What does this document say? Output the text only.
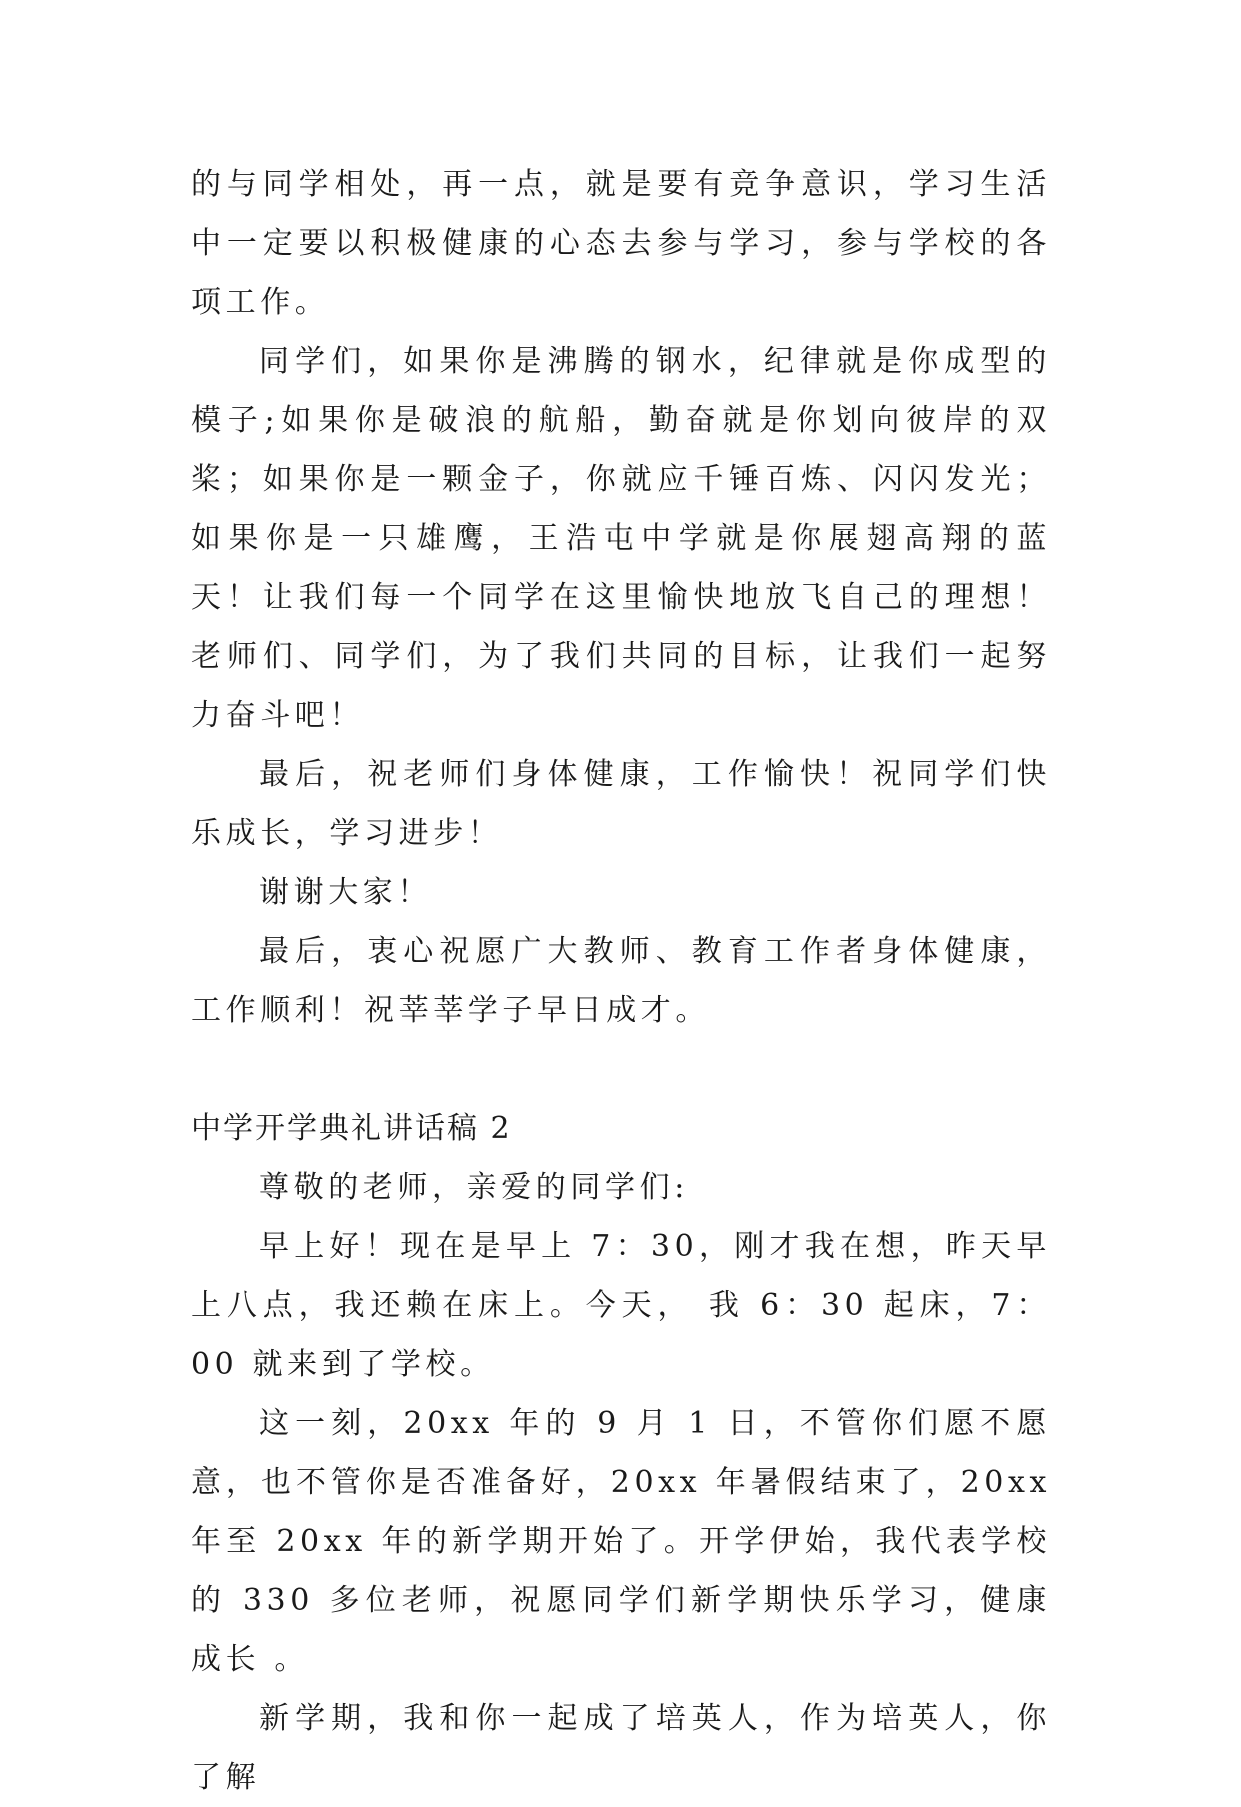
的与同学相处，再一点，就是要有竞争意识，学习生活中一定要以积极健康的心态去参与学习，参与学校的各项工作。

同学们，如果你是沸腾的钢水，纪律就是你成型的模子;如果你是破浪的航船，勤奋就是你划向彼岸的双桨；如果你是一颗金子，你就应千锤百炼、闪闪发光；如果你是一只雄鹰，王浩屯中学就是你展翅高翔的蓝天！让我们每一个同学在这里愉快地放飞自己的理想！老师们、同学们，为了我们共同的目标，让我们一起努力奋斗吧！

最后，祝老师们身体健康，工作愉快！祝同学们快乐成长，学习进步！

谢谢大家！

最后，衷心祝愿广大教师、教育工作者身体健康，工作顺利！祝莘莘学子早日成才。

中学开学典礼讲话稿 2

尊敬的老师，亲爱的同学们:

早上好！现在是早上 7：30，刚才我在想，昨天早上八点，我还赖在床上。今天， 我 6：30 起床，7：00 就来到了学校。

这一刻，20xx 年的 9 月 1 日，不管你们愿不愿意，也不管你是否准备好，20xx 年暑假结束了，20xx 年至 20xx 年的新学期开始了。开学伊始，我代表学校的 330 多位老师，祝愿同学们新学期快乐学习，健康成长 。

新学期，我和你一起成了培英人，作为培英人，你了解
